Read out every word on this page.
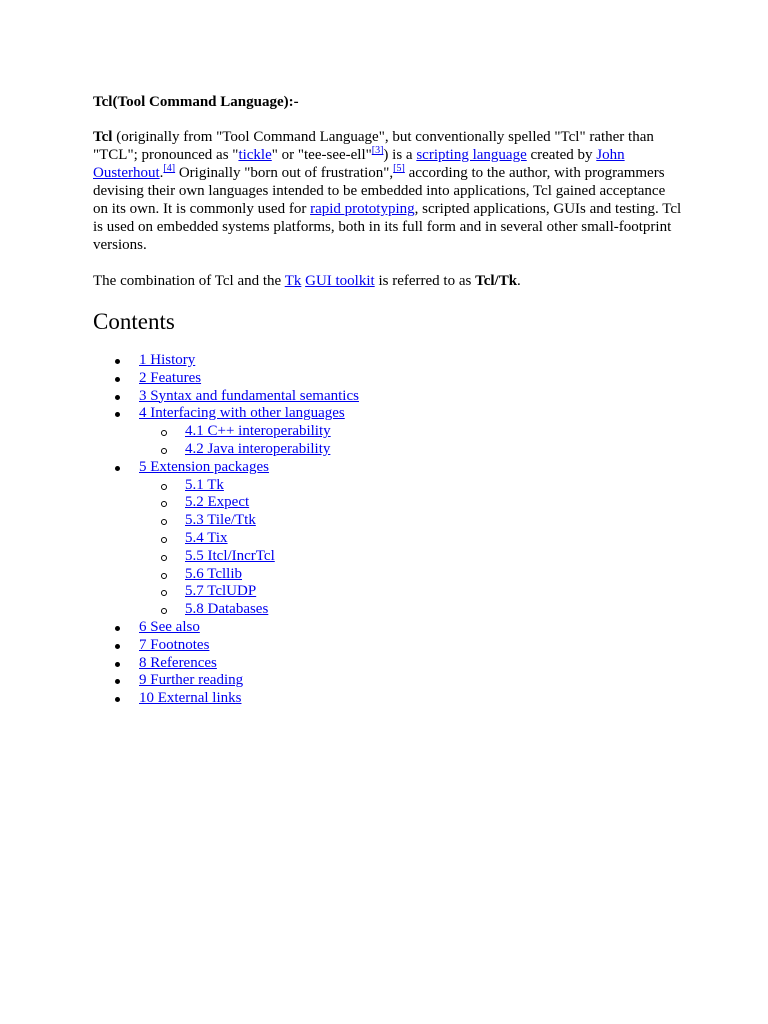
Tcl(Tool Command Language):-

Tcl (originally from "Tool Command Language", but conventionally spelled "Tcl" rather than "TCL"; pronounced as "tickle" or "tee-see-ell"[3]) is a scripting language created by John Ousterhout.[4] Originally "born out of frustration",[5] according to the author, with programmers devising their own languages intended to be embedded into applications, Tcl gained acceptance on its own. It is commonly used for rapid prototyping, scripted applications, GUIs and testing. Tcl is used on embedded systems platforms, both in its full form and in several other small-footprint versions.

The combination of Tcl and the Tk GUI toolkit is referred to as Tcl/Tk.

Contents
1 History
2 Features
3 Syntax and fundamental semantics
4 Interfacing with other languages
4.1 C++ interoperability
4.2 Java interoperability
5 Extension packages
5.1 Tk
5.2 Expect
5.3 Tile/Ttk
5.4 Tix
5.5 Itcl/IncrTcl
5.6 Tcllib
5.7 TclUDP
5.8 Databases
6 See also
7 Footnotes
8 References
9 Further reading
10 External links
